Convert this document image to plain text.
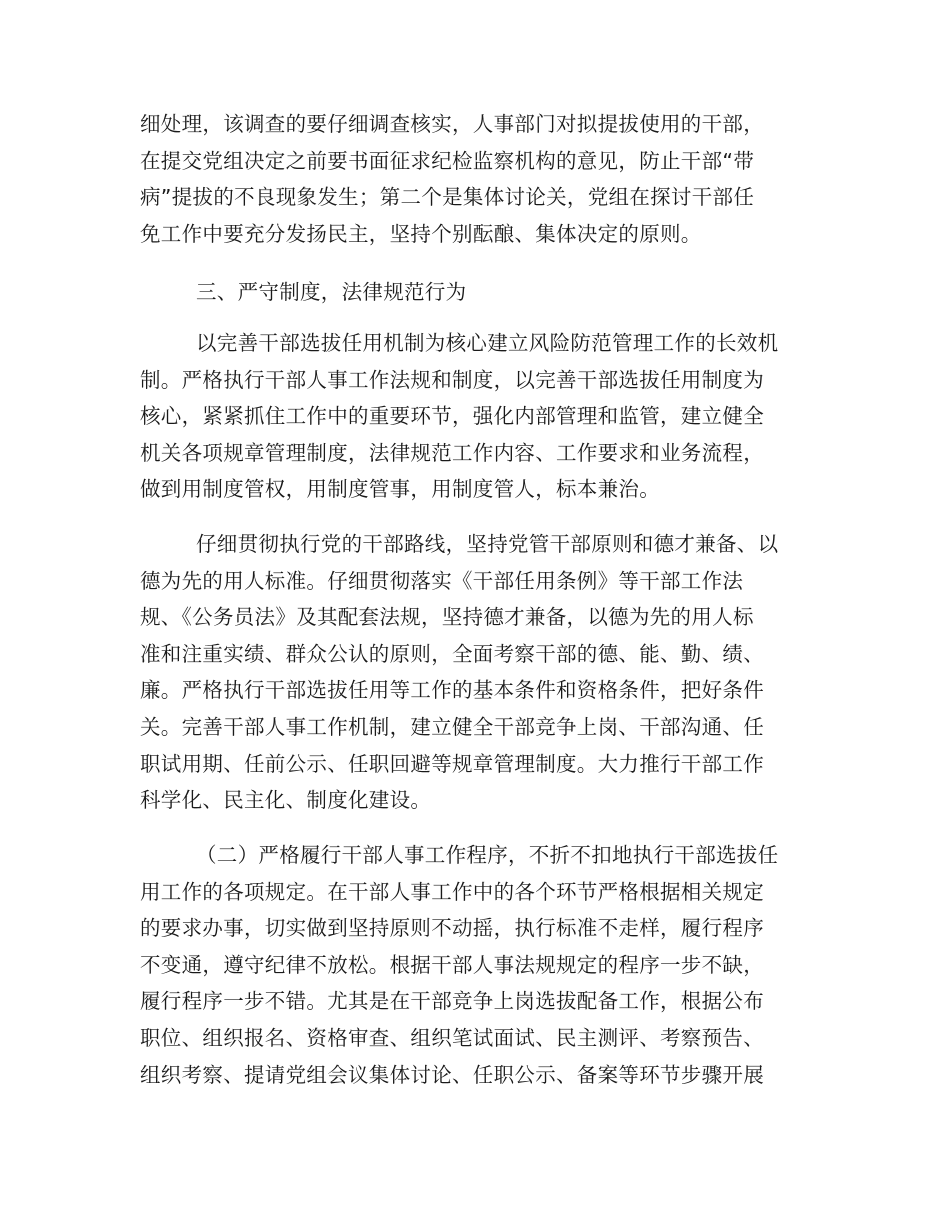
细处理，该调查的要仔细调查核实，人事部门对拟提拔使用的干部，
在提交党组决定之前要书面征求纪检监察机构的意见，防止干部“带
病”提拔的不良现象发生；第二个是集体讨论关，党组在探讨干部任
免工作中要充分发扬民主，坚持个别酝酿、集体决定的原则。
三、严守制度，法律规范行为
以完善干部选拔任用机制为核心建立风险防范管理工作的长效机
制。严格执行干部人事工作法规和制度，以完善干部选拔任用制度为
核心，紧紧抓住工作中的重要环节，强化内部管理和监管，建立健全
机关各项规章管理制度，法律规范工作内容、工作要求和业务流程，
做到用制度管权，用制度管事，用制度管人，标本兼治。
仔细贯彻执行党的干部路线，坚持党管干部原则和德才兼备、以
德为先的用人标准。仔细贯彻落实《干部任用条例》等干部工作法
规、《公务员法》及其配套法规，坚持德才兼备，以德为先的用人标
准和注重实绩、群众公认的原则，全面考察干部的德、能、勤、绩、
廉。严格执行干部选拔任用等工作的基本条件和资格条件，把好条件
关。完善干部人事工作机制，建立健全干部竞争上岗、干部沟通、任
职试用期、任前公示、任职回避等规章管理制度。大力推行干部工作
科学化、民主化、制度化建设。
（二）严格履行干部人事工作程序，不折不扣地执行干部选拔任
用工作的各项规定。在干部人事工作中的各个环节严格根据相关规定
的要求办事，切实做到坚持原则不动摇，执行标准不走样，履行程序
不变通，遵守纪律不放松。根据干部人事法规规定的程序一步不缺，
履行程序一步不错。尤其是在干部竞争上岗选拔配备工作，根据公布
职位、组织报名、资格审查、组织笔试面试、民主测评、考察预告、
组织考察、提请党组会议集体讨论、任职公示、备案等环节步骤开展
